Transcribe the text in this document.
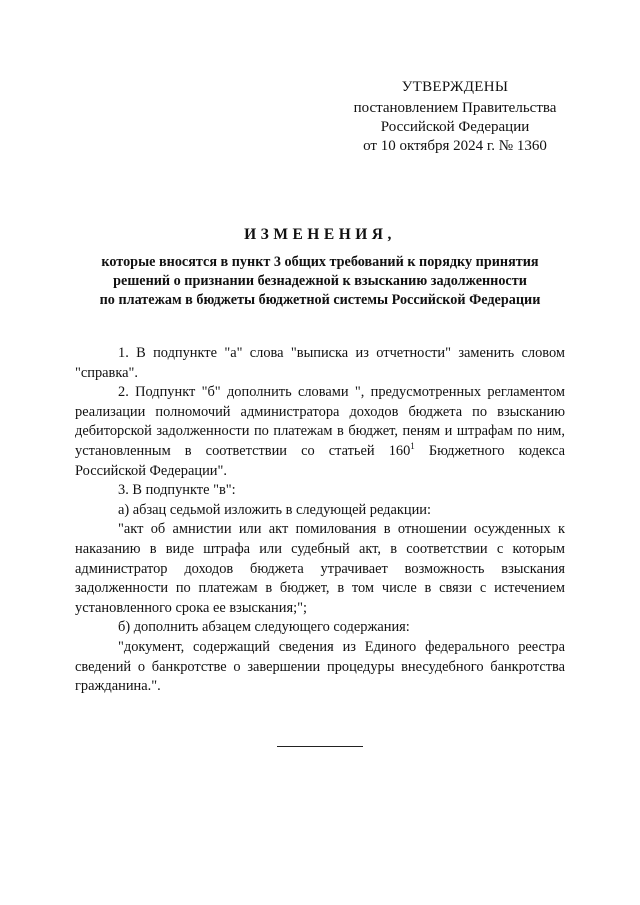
УТВЕРЖДЕНЫ
постановлением Правительства
Российской Федерации
от 10 октября 2024 г. № 1360
ИЗМЕНЕНИЯ,
которые вносятся в пункт 3 общих требований к порядку принятия
решений о признании безнадежной к взысканию задолженности
по платежам в бюджеты бюджетной системы Российской Федерации

1. В подпункте "а" слова "выписка из отчетности" заменить словом "справка".

2. Подпункт "б" дополнить словами ", предусмотренных регламентом реализации полномочий администратора доходов бюджета по взысканию дебиторской задолженности по платежам в бюджет, пеням и штрафам по ним, установленным в соответствии со статьей $160^1$ Бюджетного кодекса Российской Федерации".

3. В подпункте "в":

а) абзац седьмой изложить в следующей редакции:

"акт об амнистии или акт помилования в отношении осужденных к наказанию в виде штрафа или судебный акт, в соответствии с которым администратор доходов бюджета утрачивает возможность взыскания задолженности по платежам в бюджет, в том числе в связи с истечением установленного срока ее взыскания;";

б) дополнить абзацем следующего содержания:

"документ, содержащий сведения из Единого федерального реестра сведений о банкротстве о завершении процедуры внесудебного банкротства гражданина.".
